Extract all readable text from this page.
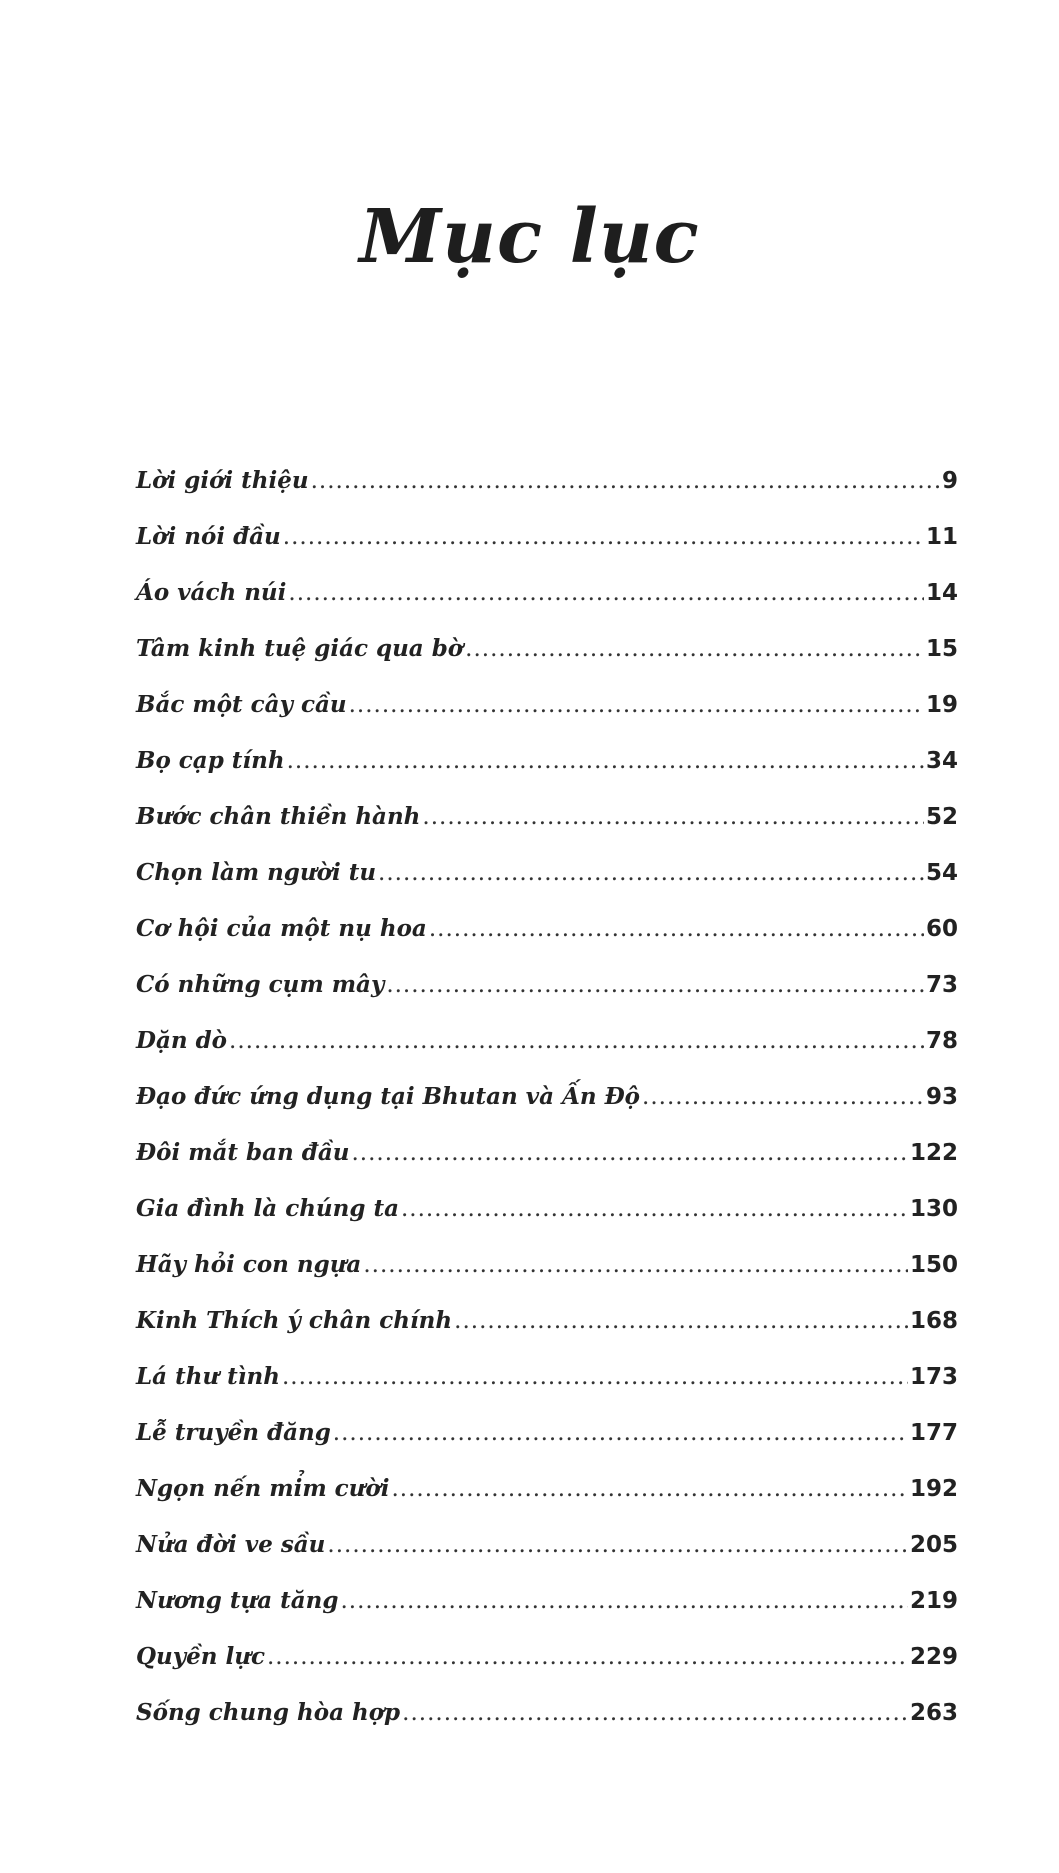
Mục lục
Lời giới thiệu .....	9
Lời nói đầu .....	11
Áo vách núi .....	14
Tâm kinh tuệ giác qua bờ .....	15
Bắc một cây cầu .....	19
Bọ cạp tính .....	34
Bước chân thiền hành .....	52
Chọn làm người tu .....	54
Cơ hội của một nụ hoa .....	60
Có những cụm mây .....	73
Dặn dò .....	78
Đạo đức ứng dụng tại Bhutan và Ấn Độ .....	93
Đôi mắt ban đầu .....	122
Gia đình là chúng ta .....	130
Hãy hỏi con ngựa .....	150
Kinh Thích ý chân chính .....	168
Lá thư tình .....	173
Lễ truyền đăng .....	177
Ngọn nến mỉm cười .....	192
Nửa đời ve sầu .....	205
Nương tựa tăng .....	219
Quyền lực .....	229
Sống chung hòa hợp .....	263
